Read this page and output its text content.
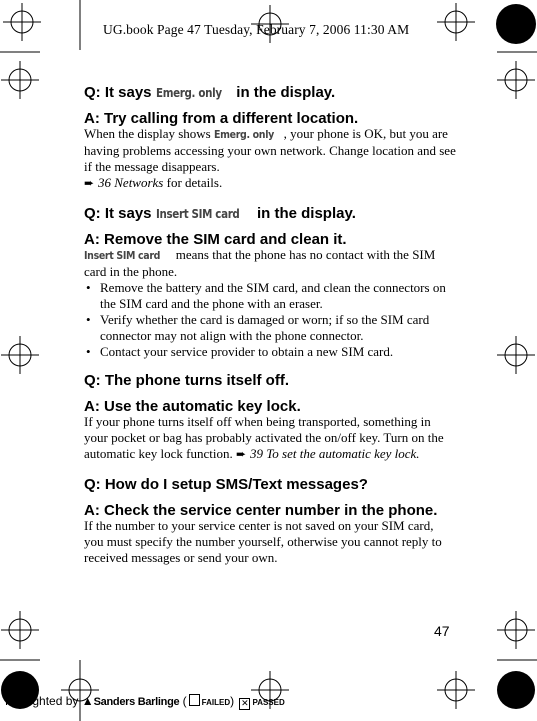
UG.book Page 47 Tuesday, February 7, 2006 11:30 AM
Q: It says Emerg. only in the display.
A: Try calling from a different location.

When the display shows Emerg. only , your phone is OK, but you are having problems accessing your own network. Change location and see if the message disappears.
➨ 36 Networks for details.

Q: It says Insert SIM card in the display.
A: Remove the SIM card and clean it.

Insert SIM card means that the phone has no contact with the SIM card in the phone.

• Remove the battery and the SIM card, and clean the connectors on the SIM card and the phone with an eraser.
• Verify whether the card is damaged or worn; if so the SIM card connector may not align with the phone connector.
• Contact your service provider to obtain a new SIM card.
Q: The phone turns itself off.
A: Use the automatic key lock.

If your phone turns itself off when being transported, something in your pocket or bag has probably activated the on/off key. Turn on the automatic key lock function. ➨ 39 To set the automatic key lock.

Q: How do I setup SMS/Text messages?
A: Check the service center number in the phone.

If the number to your service center is not saved on your SIM card, you must specify the number yourself, otherwise you cannot reply to received messages or send your own.

47
Preflighted by ▲Sanders Barlinge ( FAILED) ✕ PASSED
